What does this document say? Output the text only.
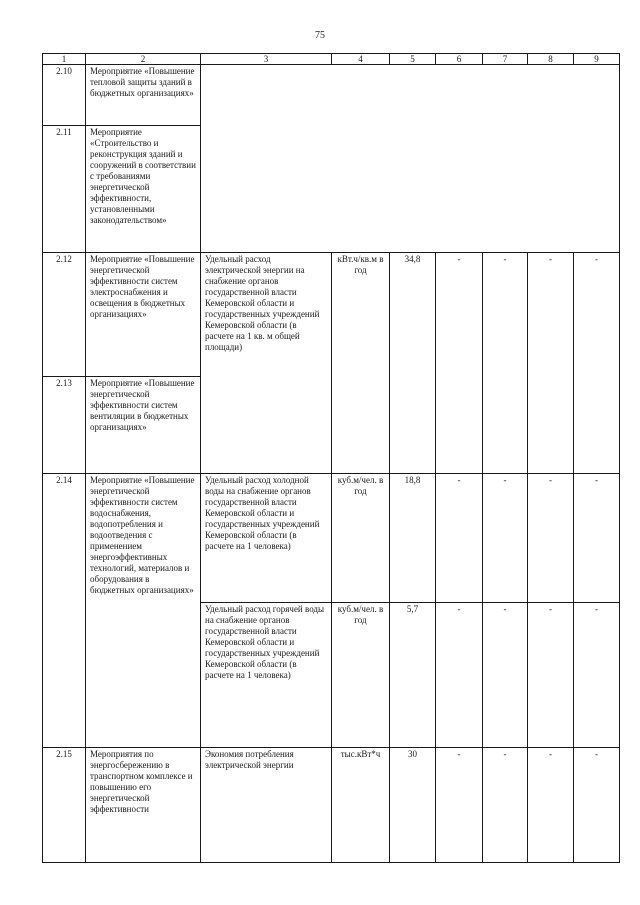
75
1	2	3	4	5	6	7	8	9
2.10	Мероприятие «Повышение тепловой защиты зданий в бюджетных организациях»							
2.11	Мероприятие «Строительство и реконструкция зданий и сооружений в соответствии с требованиями энергетической эффективности, установленными законодательством»							
2.12	Мероприятие «Повышение энергетической эффективности систем электроснабжения и освещения в бюджетных организациях»	Удельный расход электрической энергии на снабжение органов государственной власти Кемеровской области и государственных учреждений Кемеровской области (в расчете на 1 кв. м общей площади)	кВт.ч/кв.м в год	34,8	-	-	-	-
2.13	Мероприятие «Повышение энергетической эффективности систем вентиляции в бюджетных организациях»							
2.14	Мероприятие «Повышение энергетической эффективности систем водоснабжения, водопотребления и водоотведения с применением энергоэффективных технологий, материалов и оборудования в бюджетных организациях»	Удельный расход холодной воды на снабжение органов государственной власти Кемеровской области и государственных учреждений Кемеровской области (в расчете на 1 человека)	куб.м/чел. в год	18,8	-	-	-	-
		Удельный расход горячей воды на снабжение органов государственной власти Кемеровской области и государственных учреждений Кемеровской области (в расчете на 1 человека)	куб.м/чел. в год	5,7	-	-	-	-
2.15	Мероприятия по энергосбережению в транспортном комплексе и повышению его энергетической эффективности	Экономия потребления электрической энергии	тыс.кВт*ч	30	-	-	-	-
